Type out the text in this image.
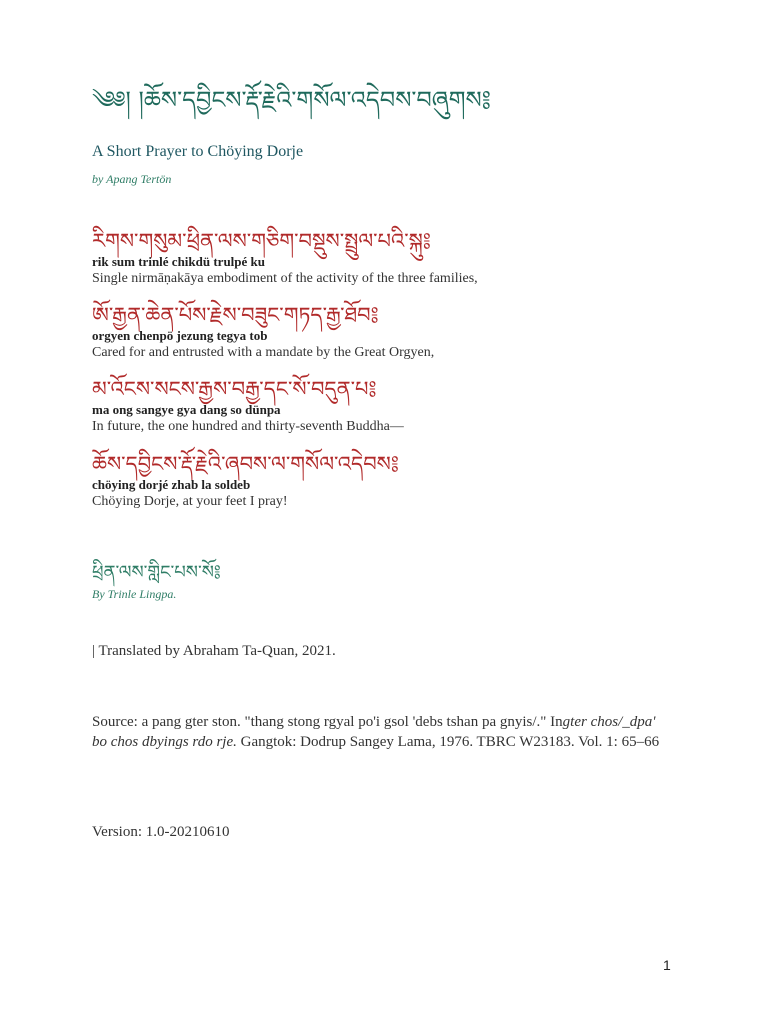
༄༅། །ཆོས་དབྱིངས་རྡོ་རྗེའི་གསོལ་འདེབས་བཞུགས༔
A Short Prayer to Chöying Dorje
by Apang Tertön
རིགས་གསུམ་ཕྲིན་ལས་གཅིག་བསྡུས་སྤྲུལ་པའི་སྐུ༔
rik sum trinlé chikdü trulpé ku
Single nirmāṇakāya embodiment of the activity of the three families,
ཨོ་རྒྱན་ཆེན་པོས་རྗེས་བཟུང་གཏད་རྒྱ་ཐོབ༔
orgyen chenpö jezung tegya tob
Cared for and entrusted with a mandate by the Great Orgyen,
མ་འོངས་སངས་རྒྱས་བརྒྱ་དང་སོ་བདུན་པ༔
ma ong sangye gya dang so dünpa
In future, the one hundred and thirty-seventh Buddha—
ཆོས་དབྱིངས་རྡོ་རྗེའི་ཞབས་ལ་གསོལ་འདེབས༔
chöying dorjé zhab la soldeb
Chöying Dorje, at your feet I pray!
ཕྲིན་ལས་གླིང་པས་སོ༔
By Trinle Lingpa.
| Translated by Abraham Ta-Quan, 2021.
Source: a pang gter ston. "thang stong rgyal po'i gsol 'debs tshan pa gnyis/." Ingter chos/_dpa' bo chos dbyings rdo rje. Gangtok: Dodrup Sangey Lama, 1976. TBRC W23183. Vol. 1: 65–66
Version: 1.0-20210610
1
